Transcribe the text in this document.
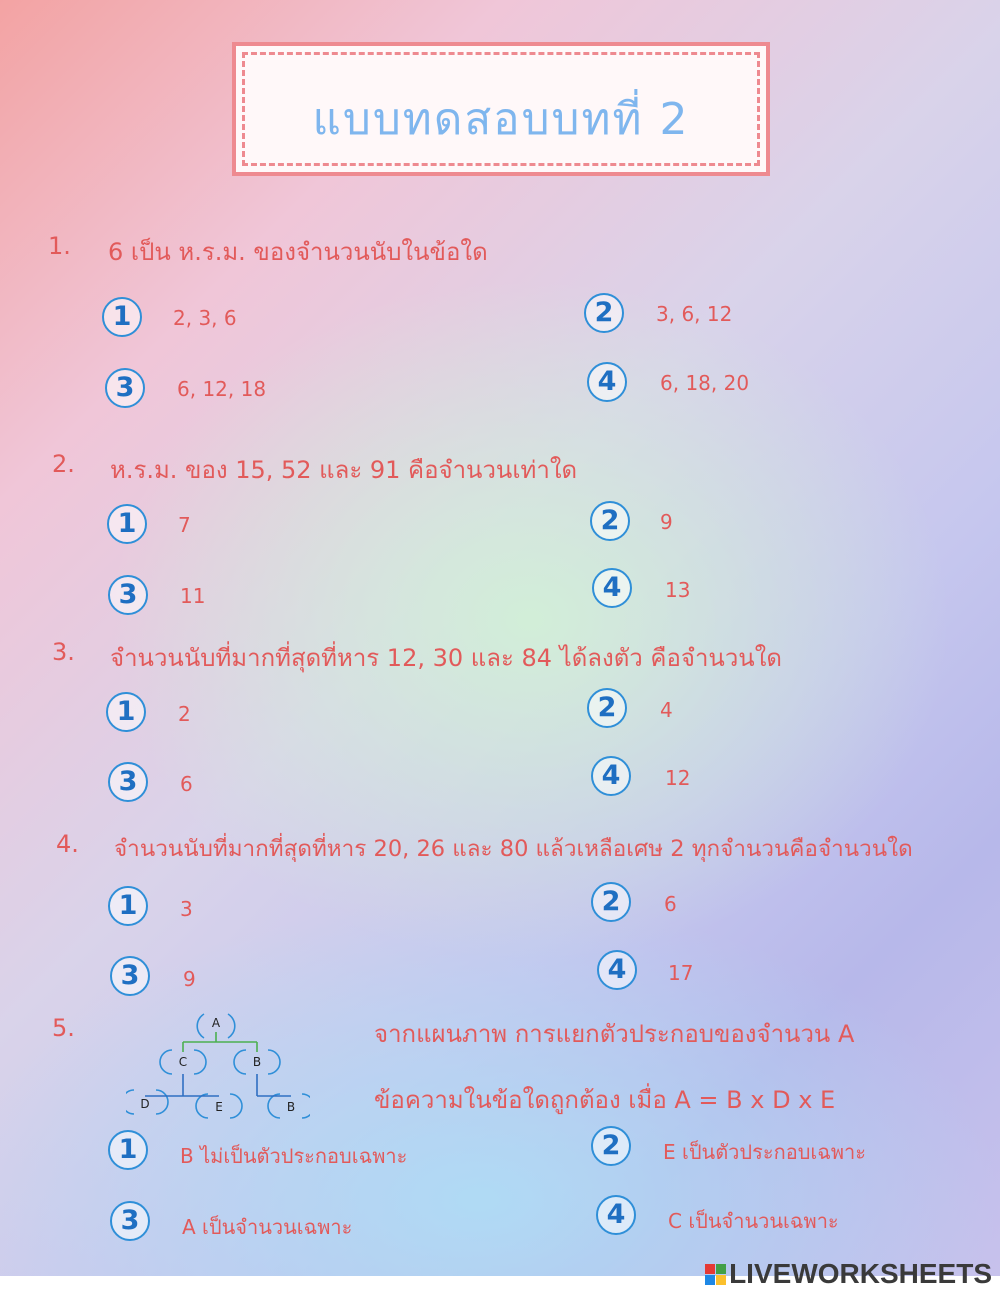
แบบทดสอบบทที่ 2
1. 6 เป็น ห.ร.ม. ของจำนวนนับในข้อใด
1	2, 3, 6	2	3, 6, 12
3	6, 12, 18	4	6, 18, 20
2. ห.ร.ม. ของ 15, 52 และ 91 คือจำนวนเท่าใด
1	7	2	9
3	11	4	13
3. จำนวนนับที่มากที่สุดที่หาร 12, 30 และ 84 ได้ลงตัว คือจำนวนใด
1	2	2	4
3	6	4	12
4. จำนวนนับที่มากที่สุดที่หาร 20, 26 และ 80 แล้วเหลือเศษ 2 ทุกจำนวนคือจำนวนใด
1	3	2	6
3	9	4	17
5.	จากแผนภาพ การแยกตัวประกอบของจำนวน A
ข้อความในข้อใดถูกต้อง เมื่อ A = B x D x E
A
C	B
D	E	B
1	B ไม่เป็นตัวประกอบเฉพาะ	2	E เป็นตัวประกอบเฉพาะ
3	A เป็นจำนวนเฉพาะ	4	C เป็นจำนวนเฉพาะ
LIVEWORKSHEETS
